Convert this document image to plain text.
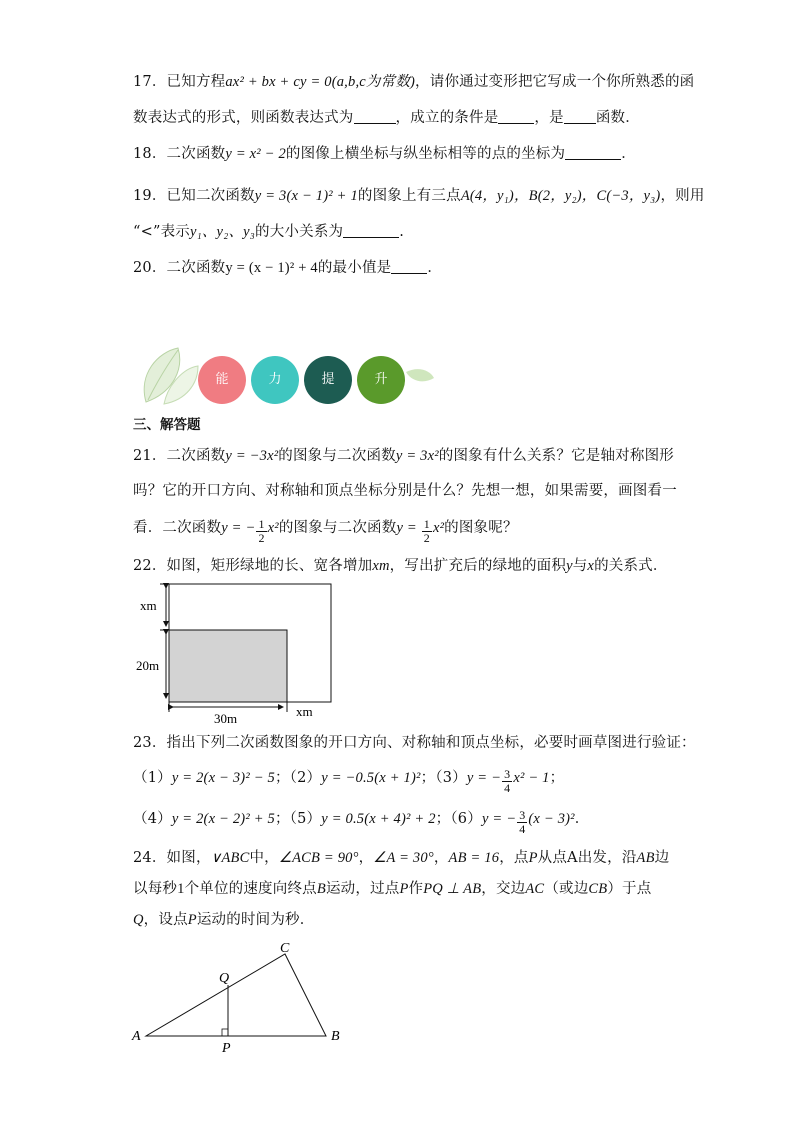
17．已知方程ax² + bx + cy = 0(a,b,c为常数)，请你通过变形把它写成一个你所熟悉的函
数表达式的形式，则函数表达式为	，成立的条件是 ，是 函数．
18．二次函数y = x² − 2的图像上横坐标与纵坐标相等的点的坐标为	．
19．已知二次函数y = 3(x − 1)² + 1的图象上有三点A(4，y₁)，B(2，y₂)，C(−3，y₃)，则用
“<”表示y₁、y₂、y₃的大小关系为	.
20．二次函数y = (x − 1)² + 4的最小值是 ．
能	力	提	升
三、解答题
21．二次函数y = −3x²的图象与二次函数y = 3x²的图象有什么关系？它是轴对称图形
吗？它的开口方向、对称轴和顶点坐标分别是什么？先想一想，如果需要，画图看一
看．二次函数y = − $\frac{1}{2} x^2$的图象与二次函数$y = \frac{1}{2} x^2$的图象呢？
22．如图，矩形绿地的长、宽各增加xm，写出扩充后的绿地的面积y与x的关系式．
xm
20m
30m	xm
23．指出下列二次函数图象的开口方向、对称轴和顶点坐标，必要时画草图进行验证：
（1）y = 2(x − 3)² − 5；（2）y = −0.5(x + 1)²；（3）y = − $\frac{3}{4} x^2 - 1$；
（4）y = 2(x − 2)² + 5；（5）y = 0.5(x + 4)² + 2；（6）y = − $\frac{3}{4} (x - 3)^2$．
24．如图，∨ABC中，∠ACB = 90°，∠A = 30°，AB = 16，点P从点A出发，沿AB边
以每秒1个单位的速度向终点B运动，过点P作PQ ⊥ AB，交边AC（或边CB）于点
Q，设点P运动的时间为秒．
A	B
C
P
Q
